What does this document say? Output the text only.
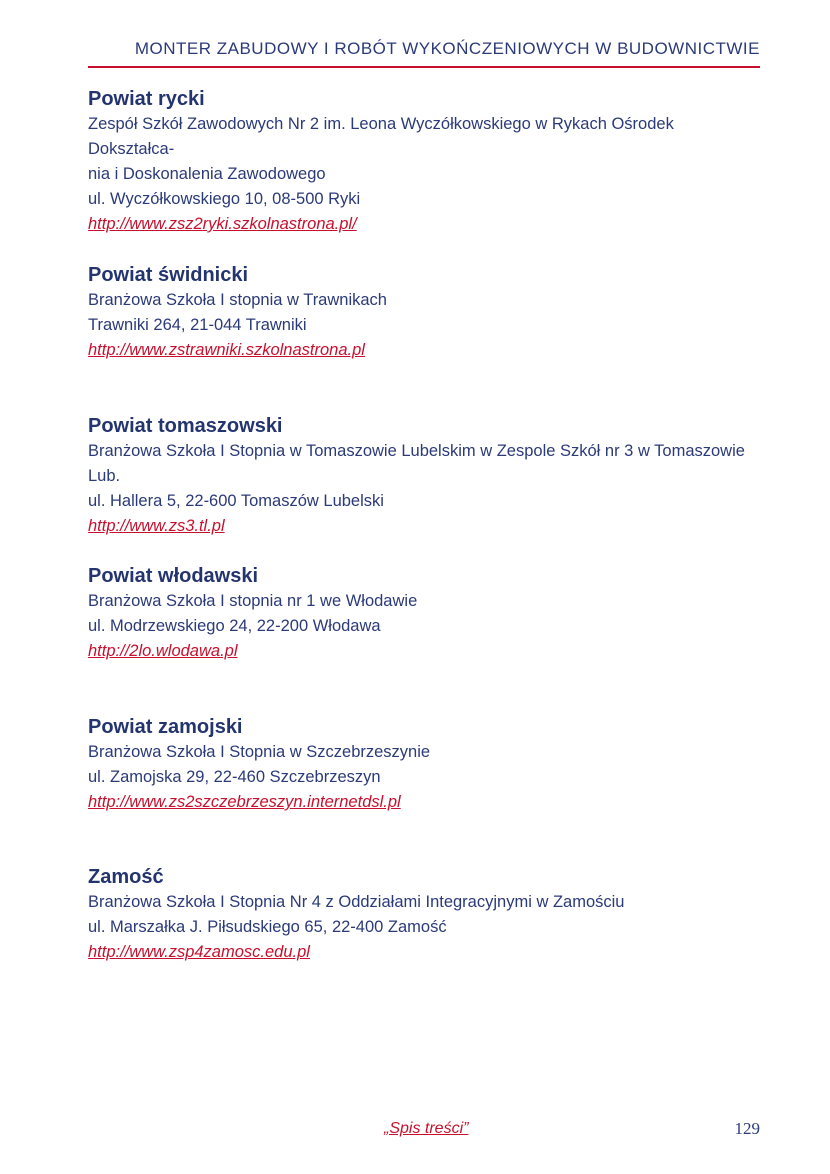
MONTER ZABUDOWY I ROBÓT WYKOŃCZENIOWYCH W BUDOWNICTWIE
Powiat rycki
Zespół Szkół Zawodowych Nr 2 im. Leona Wyczółkowskiego w Rykach Ośrodek Dokształca-
nia i Doskonalenia Zawodowego
ul. Wyczółkowskiego 10, 08-500 Ryki
http://www.zsz2ryki.szkolnastrona.pl/
Powiat świdnicki
Branżowa Szkoła I stopnia w Trawnikach
Trawniki 264, 21-044 Trawniki
http://www.zstrawniki.szkolnastrona.pl
Powiat tomaszowski
Branżowa Szkoła I Stopnia w Tomaszowie Lubelskim w Zespole Szkół nr 3 w Tomaszowie Lub.
ul. Hallera 5, 22-600 Tomaszów Lubelski
http://www.zs3.tl.pl
Powiat włodawski
Branżowa Szkoła I stopnia nr 1 we Włodawie
ul. Modrzewskiego 24, 22-200 Włodawa
http://2lo.wlodawa.pl
Powiat zamojski
Branżowa Szkoła I Stopnia w Szczebrzeszynie
ul. Zamojska 29, 22-460 Szczebrzeszyn
http://www.zs2szczebrzeszyn.internetdsl.pl
Zamość
Branżowa Szkoła I Stopnia Nr 4 z Oddziałami Integracyjnymi w Zamościu
ul. Marszałka J. Piłsudskiego 65, 22-400 Zamość
http://www.zsp4zamosc.edu.pl
„Spis treści”	129
